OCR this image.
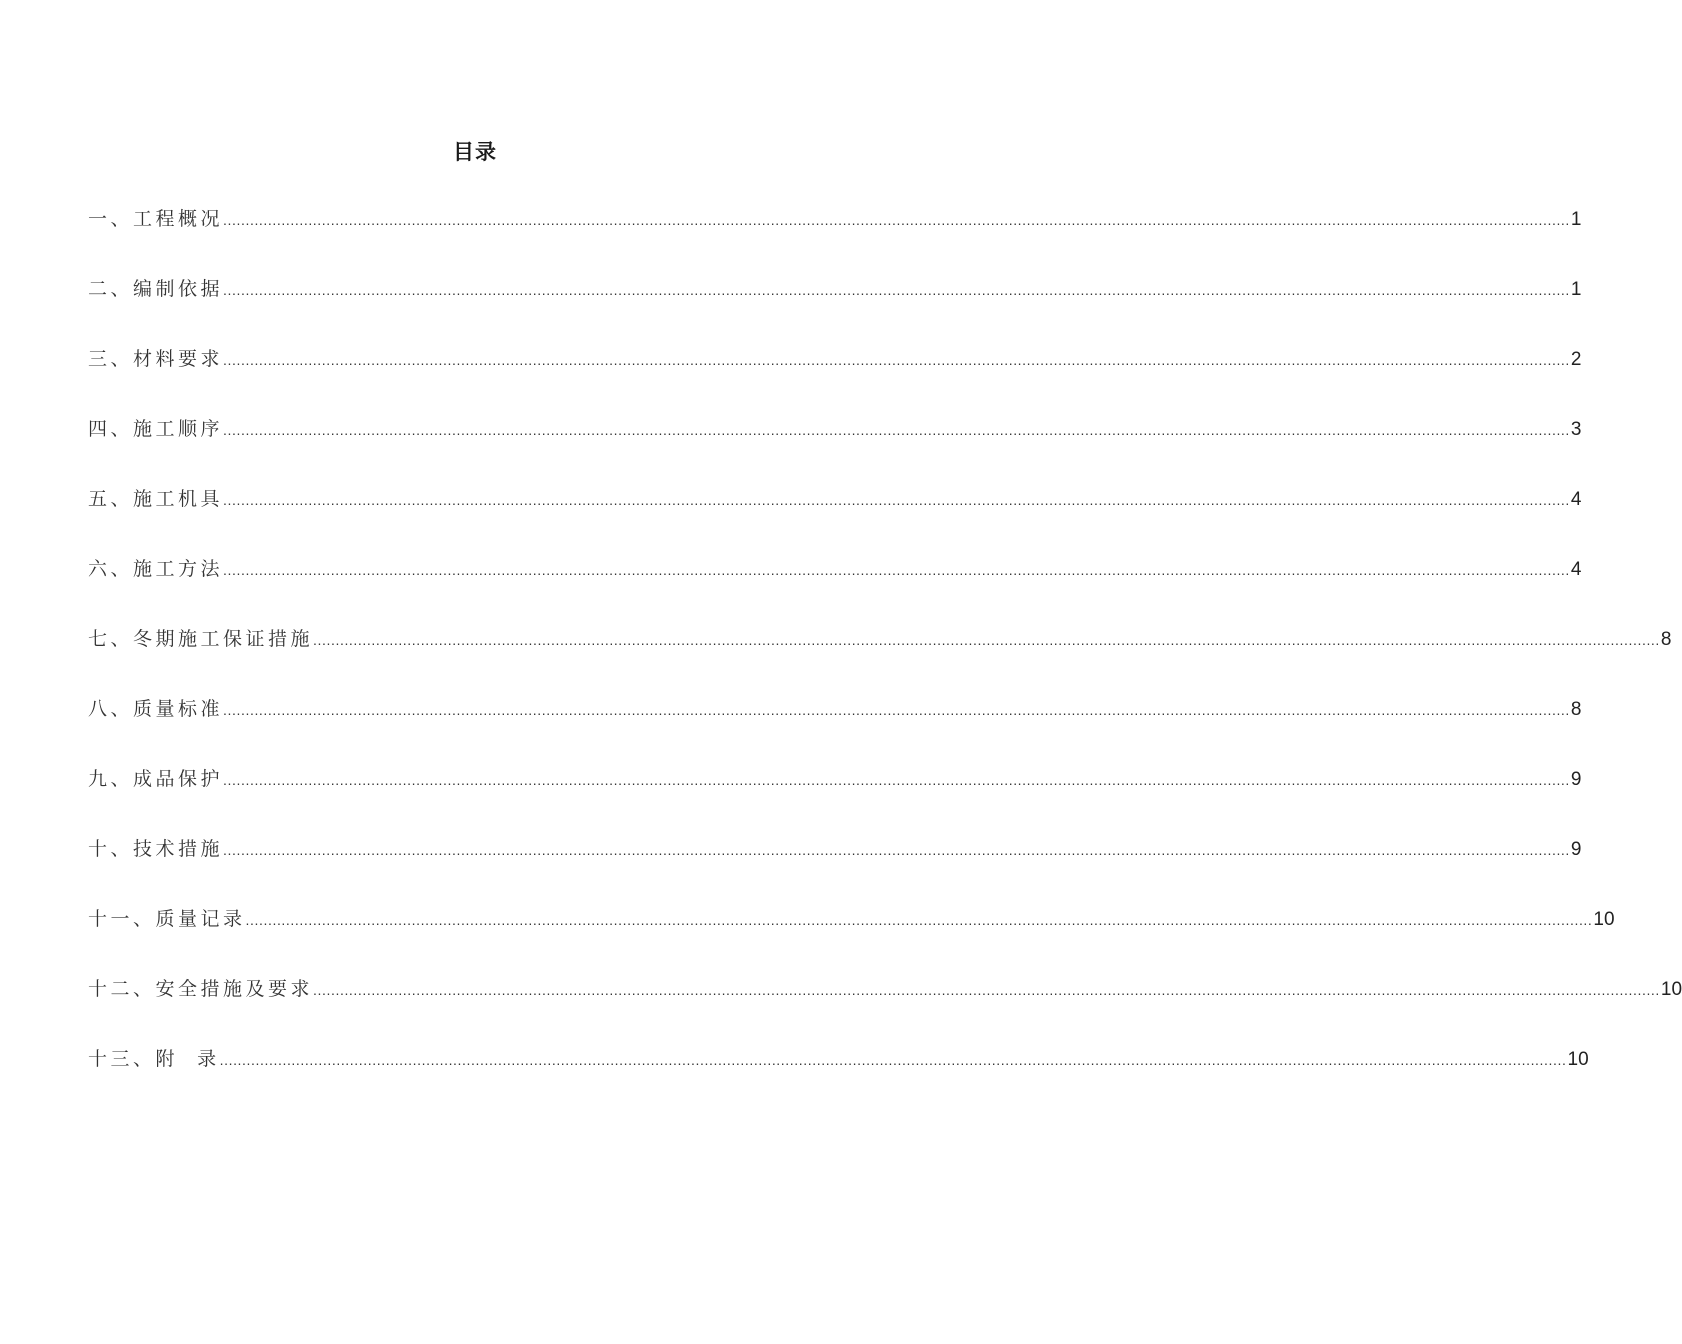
目录
一、工程概况 ............................................................................................................................................................................................................................................................................................................ 1
二、编制依据 ............................................................................................................................................................................................................................................................................................................ 1
三、材料要求 ............................................................................................................................................................................................................................................................................................................ 2
四、施工顺序 ............................................................................................................................................................................................................................................................................................................ 3
五、施工机具 ............................................................................................................................................................................................................................................................................................................ 4
六、施工方法 ............................................................................................................................................................................................................................................................................................................ 4
七、冬期施工保证措施 ............................................................................................................................................................................................................................................................................................................ 8
八、质量标准 ............................................................................................................................................................................................................................................................................................................ 8
九、成品保护 ............................................................................................................................................................................................................................................................................................................ 9
十、技术措施 ............................................................................................................................................................................................................................................................................................................ 9
十一、质量记录 ............................................................................................................................................................................................................................................................................................................ 10
十二、安全措施及要求 ............................................................................................................................................................................................................................................................................................................ 10
十三、附  录 ............................................................................................................................................................................................................................................................................................................ 10
